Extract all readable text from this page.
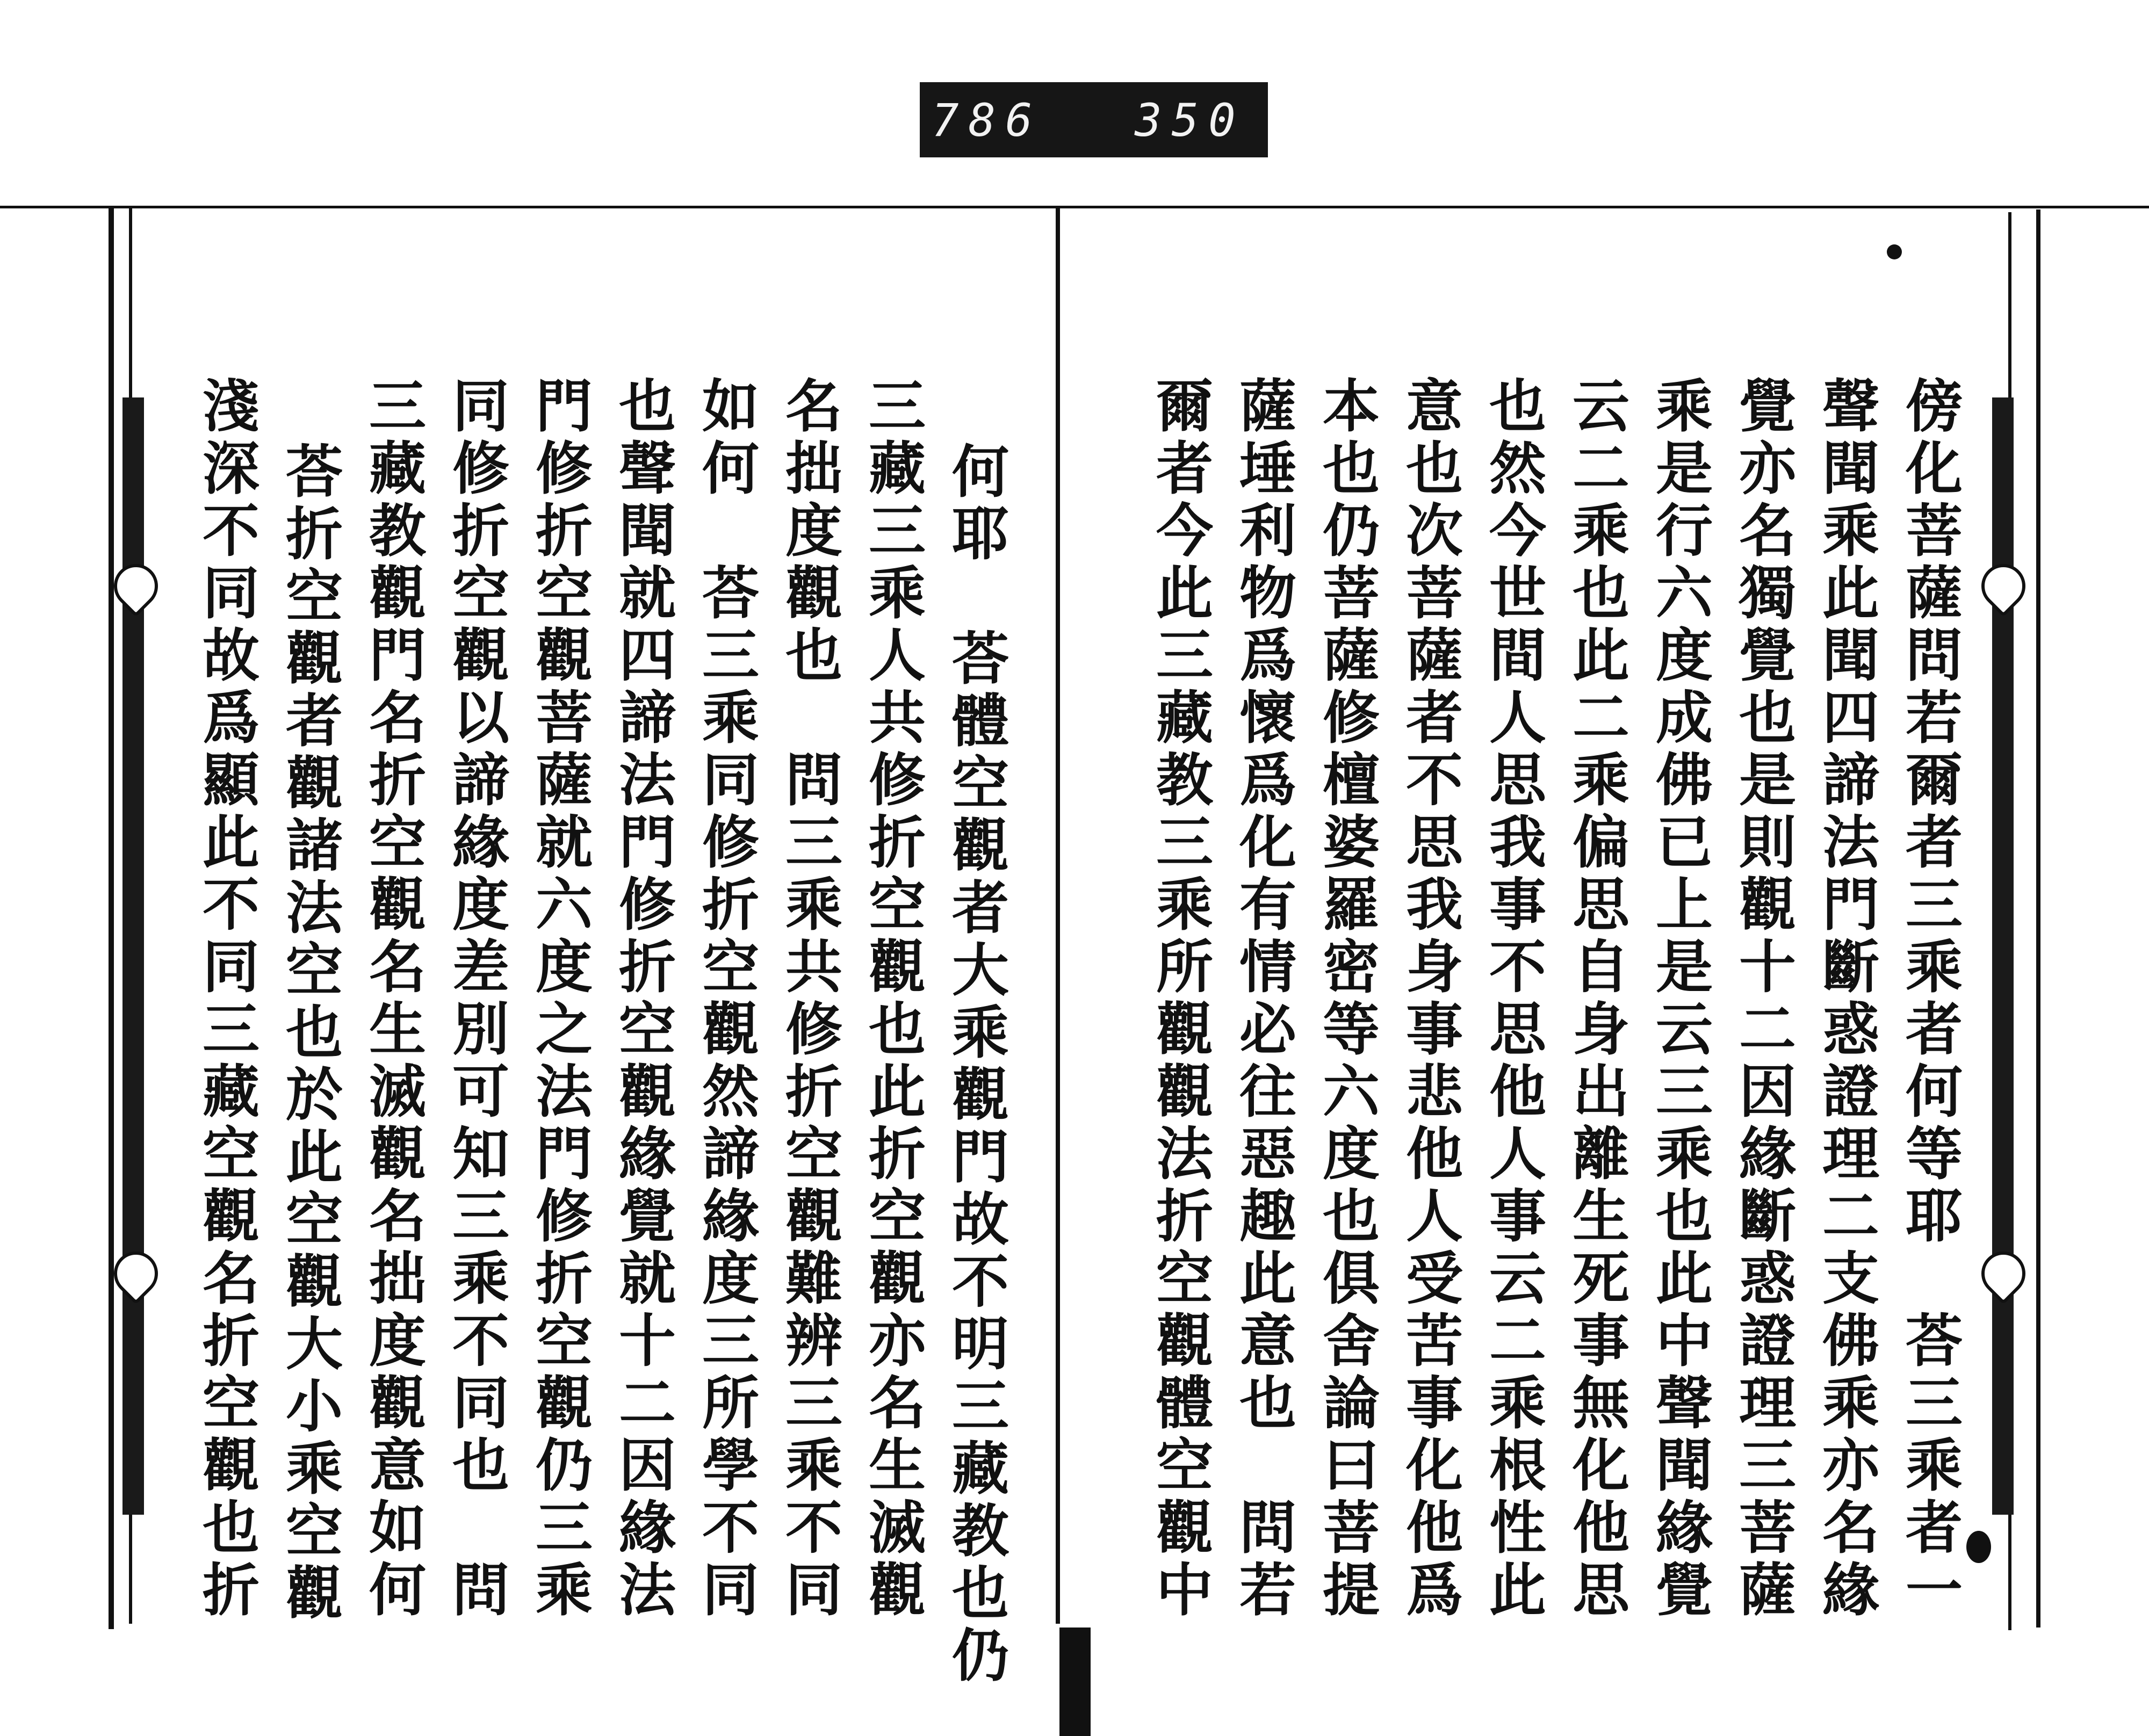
786 350
傍化菩薩問若爾者三乘者何等耶　荅三乘者一
聲聞乘此聞四諦法門斷惑證理二支佛乘亦名緣
覺亦名獨覺也是則觀十二因緣斷惑證理三菩薩
乘是行六度成佛已上是云三乘也此中聲聞緣覺
云二乘也此二乘偏思自身出離生死事無化他思
也然今世間人思我事不思他人事云二乘根性此
意也次菩薩者不思我身事悲他人受苦事化他爲
本也仍菩薩修檀婆羅密等六度也俱舍論曰菩提
薩埵利物爲懷爲化有情必往惡趣此意也　問若
爾者今此三藏教三乘所觀觀法折空觀體空觀中
何耶　荅體空觀者大乘觀門故不明三藏教也仍
三藏三乘人共修折空觀也此折空觀亦名生滅觀
名拙度觀也　問三乘共修折空觀難辨三乘不同
如何　荅三乘同修折空觀然諦緣度三所學不同
也聲聞就四諦法門修折空觀緣覺就十二因緣法
門修折空觀菩薩就六度之法門修折空觀仍三乘
同修折空觀以諦緣度差別可知三乘不同也　問
三藏教觀門名折空觀名生滅觀名拙度觀意如何
荅折空觀者觀諸法空也於此空觀大小乘空觀
淺深不同故爲顯此不同三藏空觀名折空觀也折
